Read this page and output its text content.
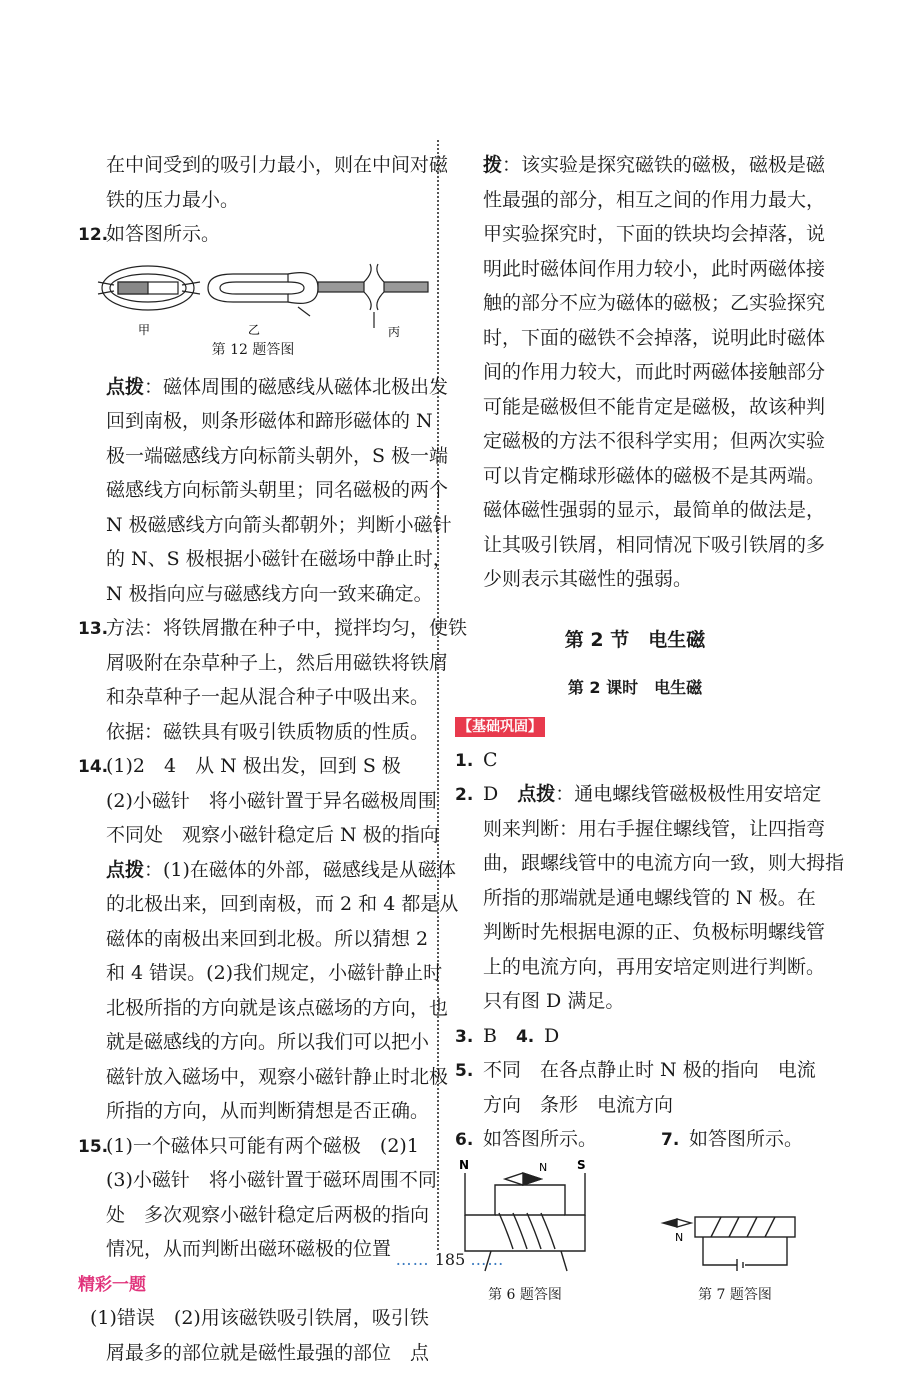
在中间受到的吸引力最小，则在中间对磁
铁的压力最小。
12.如答图所示。
甲	乙	丙
第 12 题答图
点拨：磁体周围的磁感线从磁体北极出发
回到南极，则条形磁体和蹄形磁体的 N
极一端磁感线方向标箭头朝外，S 极一端
磁感线方向标箭头朝里；同名磁极的两个
N 极磁感线方向箭头都朝外；判断小磁针
的 N、S 极根据小磁针在磁场中静止时，
N 极指向应与磁感线方向一致来确定。
13.方法：将铁屑撒在种子中，搅拌均匀，使铁
屑吸附在杂草种子上，然后用磁铁将铁屑
和杂草种子一起从混合种子中吸出来。
依据：磁铁具有吸引铁质物质的性质。
14.(1)2　4　从 N 极出发，回到 S 极
(2)小磁针　将小磁针置于异名磁极周围
不同处　观察小磁针稳定后 N 极的指向
点拨：(1)在磁体的外部，磁感线是从磁体
的北极出来，回到南极，而 2 和 4 都是从
磁体的南极出来回到北极。所以猜想 2
和 4 错误。(2)我们规定，小磁针静止时
北极所指的方向就是该点磁场的方向，也
就是磁感线的方向。所以我们可以把小
磁针放入磁场中，观察小磁针静止时北极
所指的方向，从而判断猜想是否正确。
15.(1)一个磁体只可能有两个磁极　(2)1
(3)小磁针　将小磁针置于磁环周围不同
处　多次观察小磁针稳定后两极的指向
情况，从而判断出磁环磁极的位置
精彩一题
(1)错误　(2)用该磁铁吸引铁屑，吸引铁
屑最多的部位就是磁性最强的部位　点
拨：该实验是探究磁铁的磁极，磁极是磁
性最强的部分，相互之间的作用力最大，
甲实验探究时，下面的铁块均会掉落，说
明此时磁体间作用力较小，此时两磁体接
触的部分不应为磁体的磁极；乙实验探究
时，下面的磁铁不会掉落，说明此时磁体
间的作用力较大，而此时两磁体接触部分
可能是磁极但不能肯定是磁极，故该种判
定磁极的方法不很科学实用；但两次实验
可以肯定椭球形磁体的磁极不是其两端。
磁体磁性强弱的显示，最简单的做法是，
让其吸引铁屑，相同情况下吸引铁屑的多
少则表示其磁性的强弱。
第 2 节　电生磁
第 2 课时　电生磁
【基础巩固】
1. C
2. D　点拨：通电螺线管磁极极性用安培定
则来判断：用右手握住螺线管，让四指弯
曲，跟螺线管中的电流方向一致，则大拇指
所指的那端就是通电螺线管的 N 极。在
判断时先根据电源的正、负极标明螺线管
上的电流方向，再用安培定则进行判断。
只有图 D 满足。
3. B　4. D
5. 不同　在各点静止时 N 极的指向　电流
方向　条形　电流方向
6. 如答图所示。	7. 如答图所示。
N	S
N
第 6 题答图
N
第 7 题答图
…… 185 ……
